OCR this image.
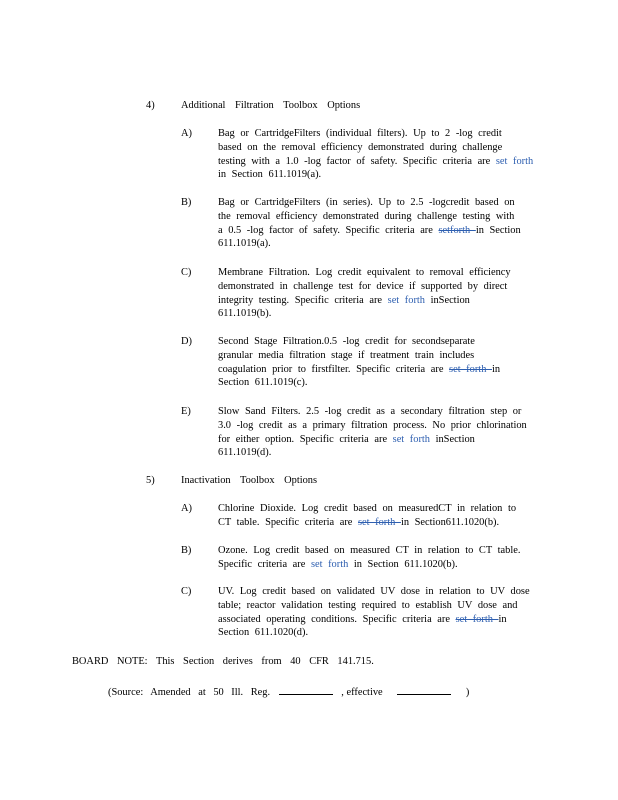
4)	Additional Filtration Toolbox Options
A)	Bag or CartridgeFilters (individual filters). Up to 2 -log credit
based on the removal efficiency demonstrated during challenge
testing with a 1.0 -log factor of safety. Specific criteria are set forth
in Section 611.1019(a).
B)	Bag or CartridgeFilters (in series). Up to 2.5 -logcredit based on
the removal efficiency demonstrated during challenge testing with
a 0.5 -log factor of safety. Specific criteria are setforth in Section
611.1019(a).
C)	Membrane Filtration. Log credit equivalent to removal efficiency
demonstrated in challenge test for device if supported by direct
integrity testing. Specific criteria are set forth inSection
611.1019(b).
D)	Second Stage Filtration.0.5 -log credit for secondseparate
granular media filtration stage if treatment train includes
coagulation prior to firstfilter. Specific criteria are set forth in
Section 611.1019(c).
E)	Slow Sand Filters. 2.5 -log credit as a secondary filtration step or
3.0 -log credit as a primary filtration process. No prior chlorination
for either option. Specific criteria are set forth inSection
611.1019(d).
5)	Inactivation Toolbox Options
A)	Chlorine Dioxide. Log credit based on measuredCT in relation to
CT table. Specific criteria are set forth in Section611.1020(b).
B)	Ozone. Log credit based on measured CT in relation to CT table.
Specific criteria are set forth in Section 611.1020(b).
C)	UV. Log credit based on validated UV dose in relation to UV dose
table; reactor validation testing required to establish UV dose and
associated operating conditions. Specific criteria are set forth in
Section 611.1020(d).
BOARD NOTE: This Section derives from 40 CFR 141.715.
(Source: Amended at 50 Ill. Reg.	, effective	)
